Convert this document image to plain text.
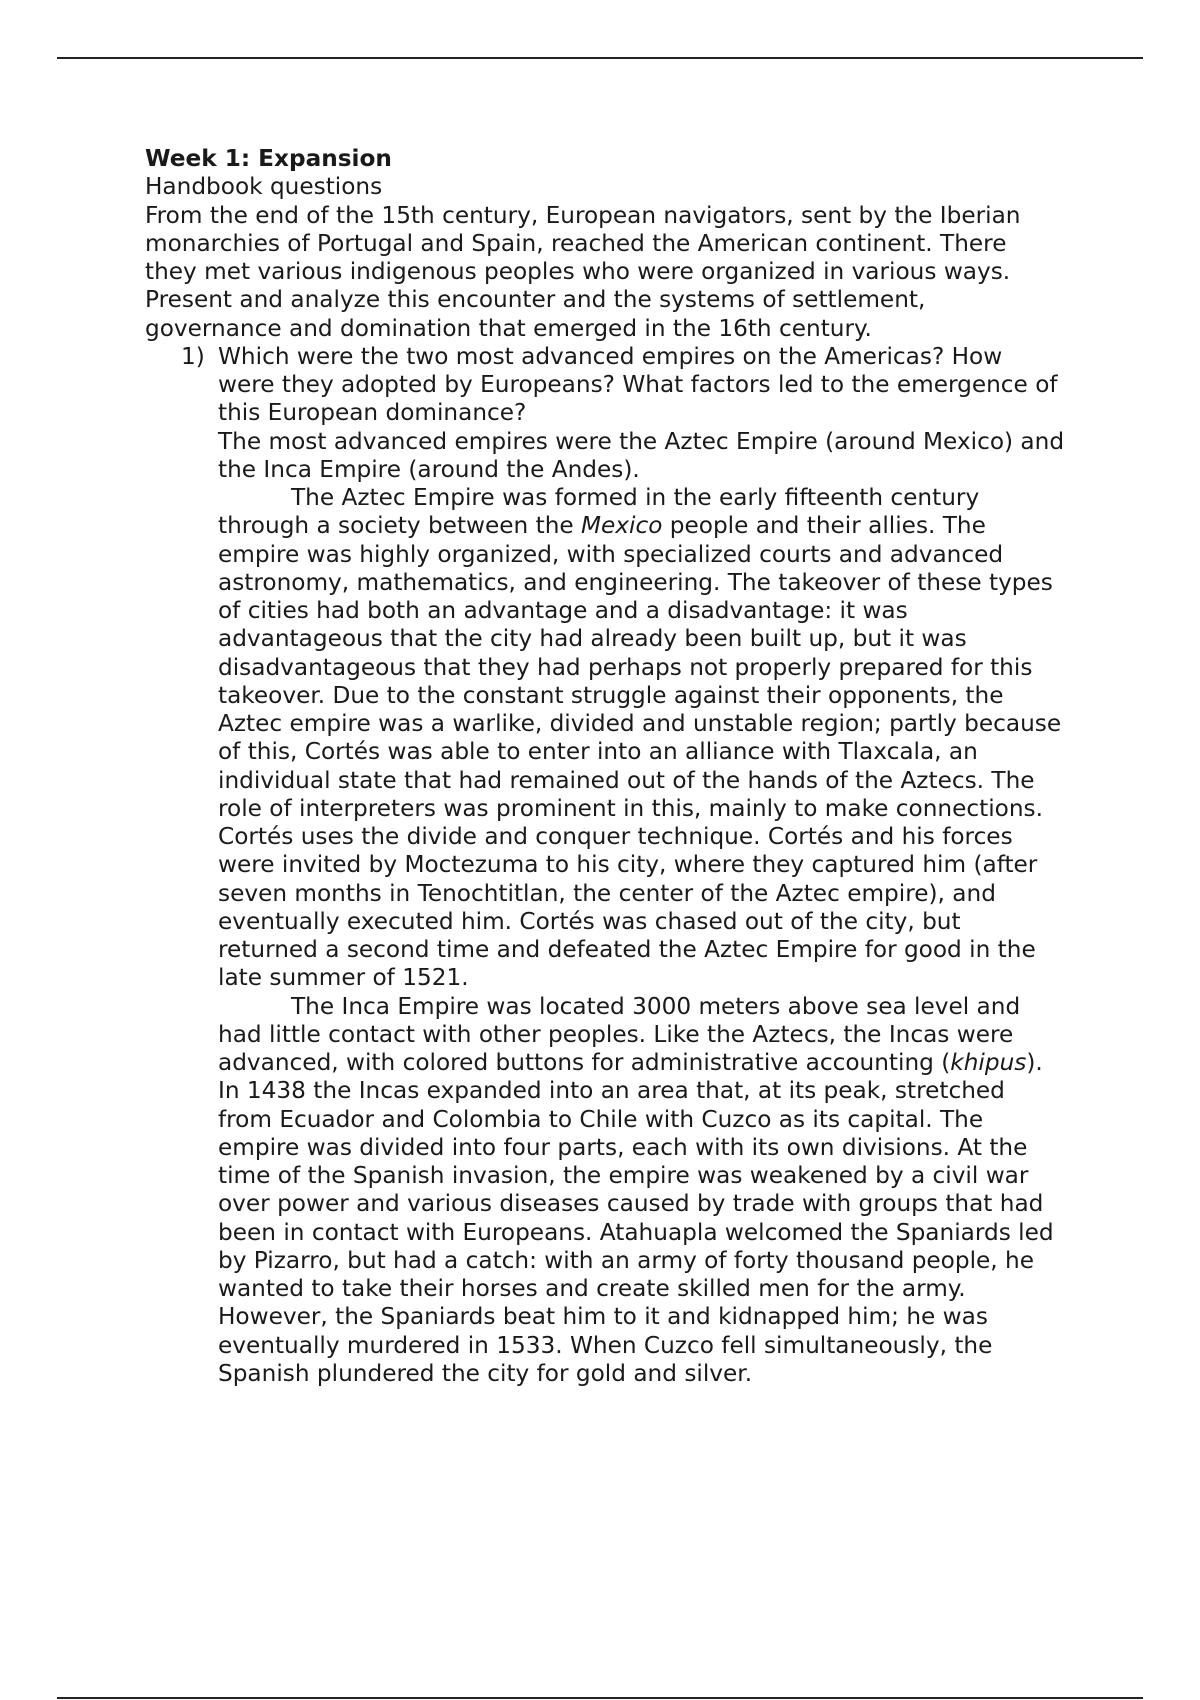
Week 1: Expansion

Handbook questions

From the end of the 15th century, European navigators, sent by the Iberian monarchies of Portugal and Spain, reached the American continent. There they met various indigenous peoples who were organized in various ways. Present and analyze this encounter and the systems of settlement, governance and domination that emerged in the 16th century.

1) Which were the two most advanced empires on the Americas? How were they adopted by Europeans? What factors led to the emergence of this European dominance?

The most advanced empires were the Aztec Empire (around Mexico) and the Inca Empire (around the Andes).

The Aztec Empire was formed in the early fifteenth century through a society between the Mexico people and their allies. The empire was highly organized, with specialized courts and advanced astronomy, mathematics, and engineering. The takeover of these types of cities had both an advantage and a disadvantage: it was advantageous that the city had already been built up, but it was disadvantageous that they had perhaps not properly prepared for this takeover. Due to the constant struggle against their opponents, the Aztec empire was a warlike, divided and unstable region; partly because of this, Cortés was able to enter into an alliance with Tlaxcala, an individual state that had remained out of the hands of the Aztecs. The role of interpreters was prominent in this, mainly to make connections. Cortés uses the divide and conquer technique. Cortés and his forces were invited by Moctezuma to his city, where they captured him (after seven months in Tenochtitlan, the center of the Aztec empire), and eventually executed him. Cortés was chased out of the city, but returned a second time and defeated the Aztec Empire for good in the late summer of 1521.

The Inca Empire was located 3000 meters above sea level and had little contact with other peoples. Like the Aztecs, the Incas were advanced, with colored buttons for administrative accounting (khipus). In 1438 the Incas expanded into an area that, at its peak, stretched from Ecuador and Colombia to Chile with Cuzco as its capital. The empire was divided into four parts, each with its own divisions. At the time of the Spanish invasion, the empire was weakened by a civil war over power and various diseases caused by trade with groups that had been in contact with Europeans. Atahuapla welcomed the Spaniards led by Pizarro, but had a catch: with an army of forty thousand people, he wanted to take their horses and create skilled men for the army. However, the Spaniards beat him to it and kidnapped him; he was eventually murdered in 1533. When Cuzco fell simultaneously, the Spanish plundered the city for gold and silver.
